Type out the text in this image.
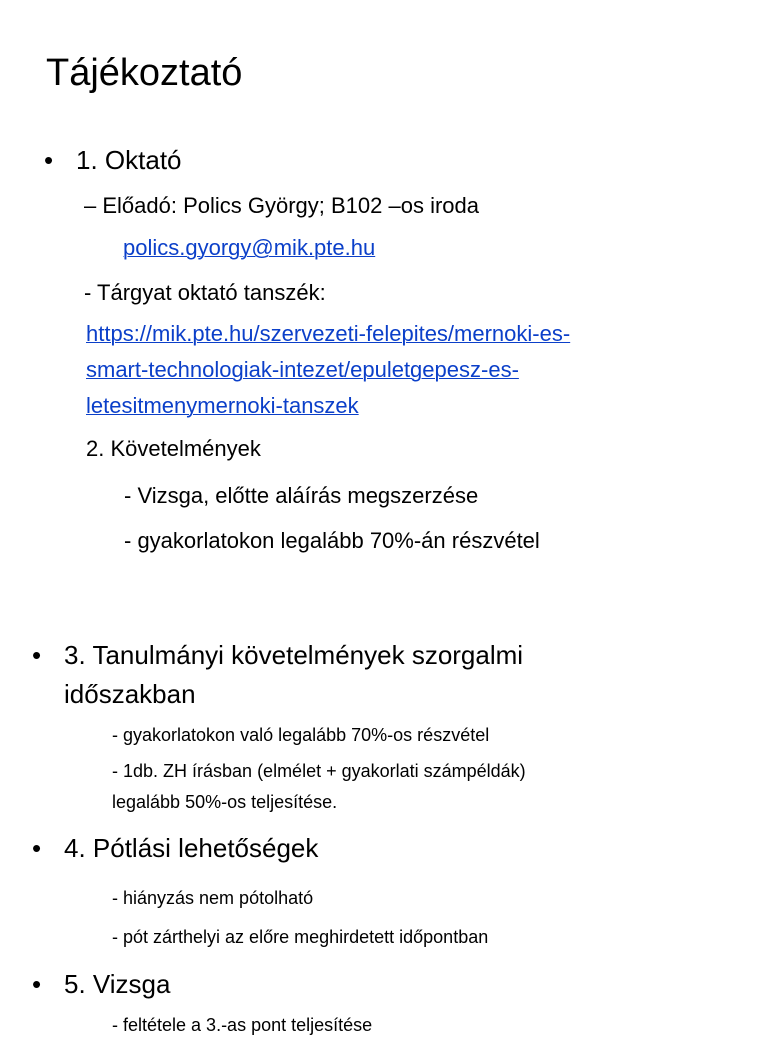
Tájékoztató
• 1. Oktató
– Előadó: Polics György; B102 –os iroda
polics.gyorgy@mik.pte.hu
- Tárgyat oktató tanszék:
https://mik.pte.hu/szervezeti-felepites/mernoki-es-
smart-technologiak-intezet/epuletgepesz-es-
letesitmenymernoki-tanszek
2. Követelmények
- Vizsga, előtte aláírás megszerzése
- gyakorlatokon legalább 70%-án részvétel
• 3. Tanulmányi követelmények szorgalmi
időszakban
- gyakorlatokon való legalább 70%-os részvétel
- 1db. ZH írásban (elmélet + gyakorlati számpéldák)
legalább 50%-os teljesítése.
• 4. Pótlási lehetőségek
- hiányzás nem pótolható
- pót zárthelyi az előre meghirdetett időpontban
• 5. Vizsga
- feltétele a 3.-as pont teljesítése
